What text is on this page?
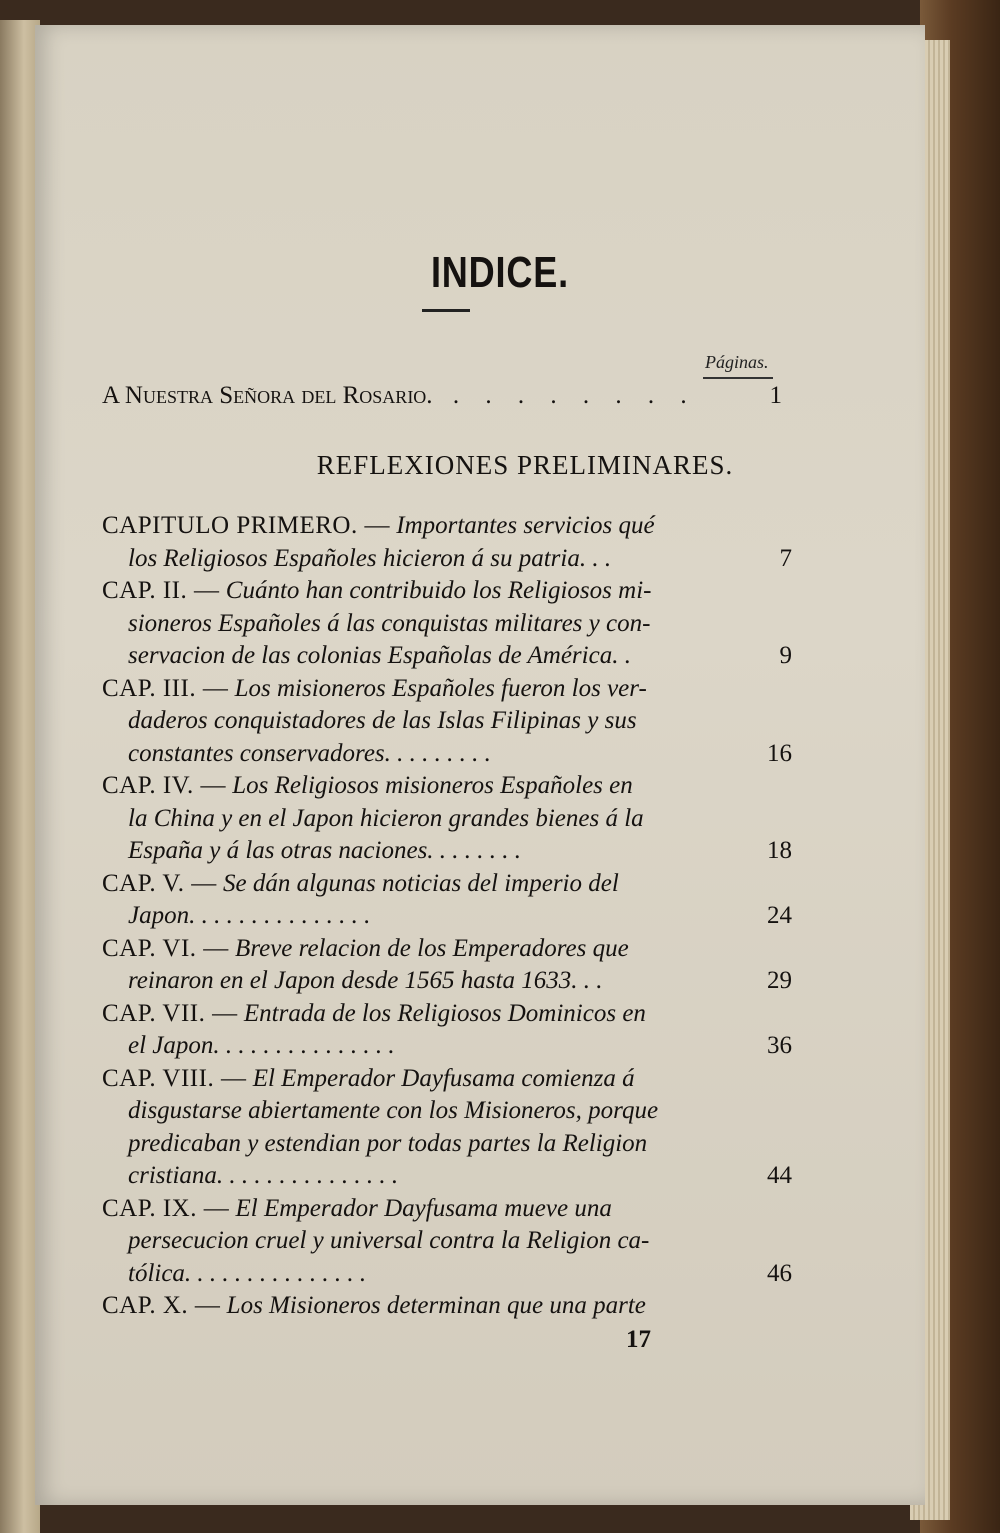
INDICE.
Páginas.
A Nuestra Señora del Rosario. . . . . . . . .	1
REFLEXIONES PRELIMINARES.
CAPITULO PRIMERO. — Importantes servicios qué
los Religiosos Españoles hicieron á su patria. . .	7
CAP. II. — Cuánto han contribuido los Religiosos mi-
sioneros Españoles á las conquistas militares y con-
servacion de las colonias Españolas de América. .	9
CAP. III. — Los misioneros Españoles fueron los ver-
daderos conquistadores de las Islas Filipinas y sus
constantes conservadores. . . . . . . . .	16
CAP. IV. — Los Religiosos misioneros Españoles en
la China y en el Japon hicieron grandes bienes á la
España y á las otras naciones. . . . . . . .	18
CAP. V. — Se dán algunas noticias del imperio del
Japon. . . . . . . . . . . . . . .	24
CAP. VI. — Breve relacion de los Emperadores que
reinaron en el Japon desde 1565 hasta 1633. . .	29
CAP. VII. — Entrada de los Religiosos Dominicos en
el Japon. . . . . . . . . . . . . . .	36
CAP. VIII. — El Emperador Dayfusama comienza á
disgustarse abiertamente con los Misioneros, porque
predicaban y estendian por todas partes la Religion
cristiana. . . . . . . . . . . . . . .	44
CAP. IX. — El Emperador Dayfusama mueve una
persecucion cruel y universal contra la Religion ca-
tólica. . . . . . . . . . . . . . .	46
CAP. X. — Los Misioneros determinan que una parte
17
